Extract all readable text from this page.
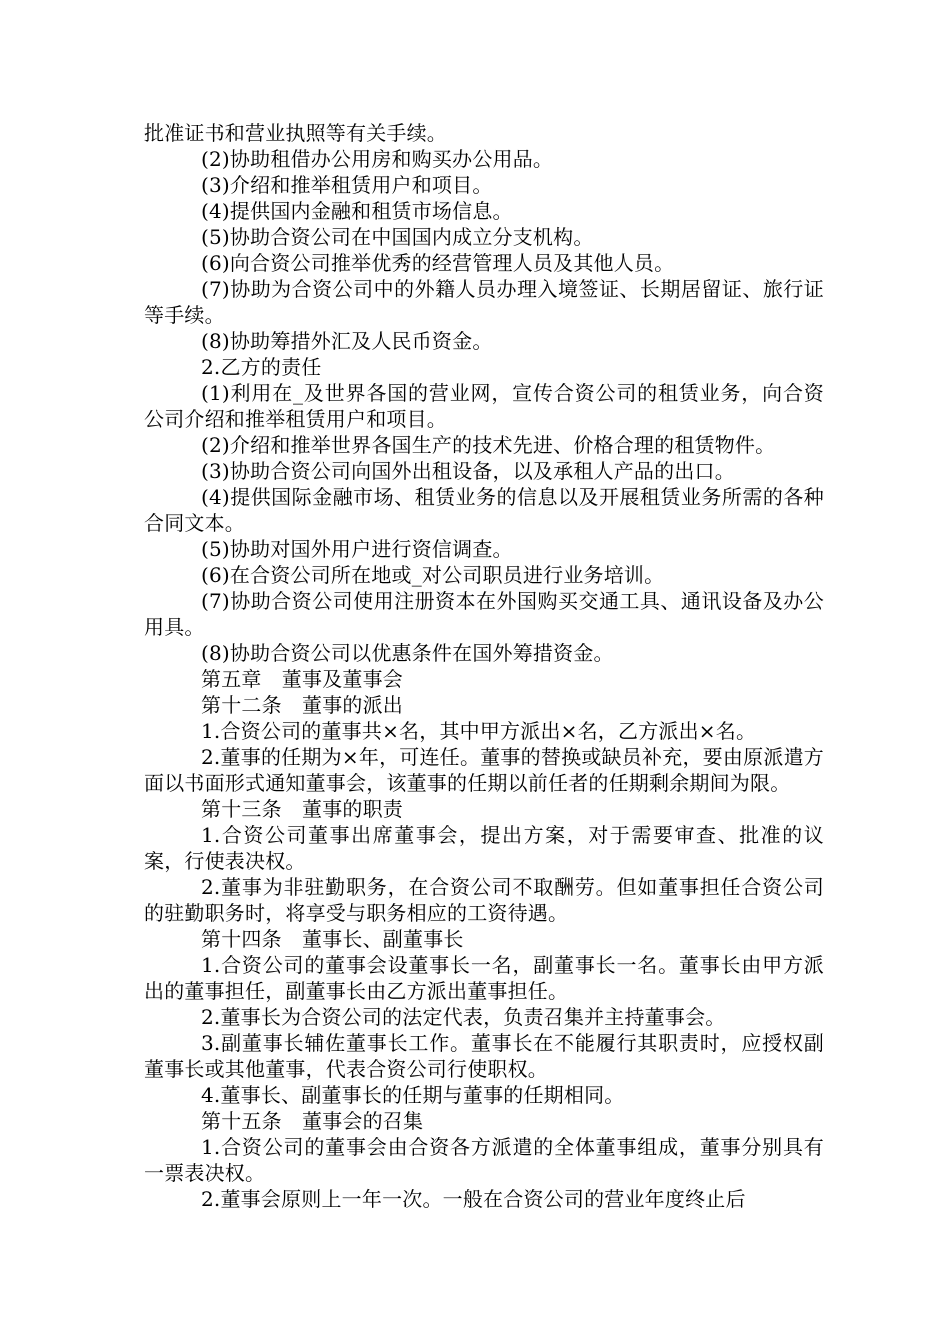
批准证书和营业执照等有关手续。

(2)协助租借办公用房和购买办公用品。

(3)介绍和推举租赁用户和项目。

(4)提供国内金融和租赁市场信息。

(5)协助合资公司在中国国内成立分支机构。

(6)向合资公司推举优秀的经营管理人员及其他人员。

(7)协助为合资公司中的外籍人员办理入境签证、长期居留证、旅行证等手续。

(8)协助筹措外汇及人民币资金。

2.乙方的责任

(1)利用在_及世界各国的营业网，宣传合资公司的租赁业务，向合资公司介绍和推举租赁用户和项目。

(2)介绍和推举世界各国生产的技术先进、价格合理的租赁物件。

(3)协助合资公司向国外出租设备，以及承租人产品的出口。

(4)提供国际金融市场、租赁业务的信息以及开展租赁业务所需的各种合同文本。

(5)协助对国外用户进行资信调查。

(6)在合资公司所在地或_对公司职员进行业务培训。

(7)协助合资公司使用注册资本在外国购买交通工具、通讯设备及办公用具。

(8)协助合资公司以优惠条件在国外筹措资金。

第五章　董事及董事会

第十二条　董事的派出

1.合资公司的董事共×名，其中甲方派出×名，乙方派出×名。

2.董事的任期为×年，可连任。董事的替换或缺员补充，要由原派遣方面以书面形式通知董事会，该董事的任期以前任者的任期剩余期间为限。

第十三条　董事的职责

1.合资公司董事出席董事会，提出方案，对于需要审查、批准的议案，行使表决权。

2.董事为非驻勤职务，在合资公司不取酬劳。但如董事担任合资公司的驻勤职务时，将享受与职务相应的工资待遇。

第十四条　董事长、副董事长

1.合资公司的董事会设董事长一名，副董事长一名。董事长由甲方派出的董事担任，副董事长由乙方派出董事担任。

2.董事长为合资公司的法定代表，负责召集并主持董事会。

3.副董事长辅佐董事长工作。董事长在不能履行其职责时，应授权副董事长或其他董事，代表合资公司行使职权。

4.董事长、副董事长的任期与董事的任期相同。

第十五条　董事会的召集

1.合资公司的董事会由合资各方派遣的全体董事组成，董事分别具有一票表决权。

2.董事会原则上一年一次。一般在合资公司的营业年度终止后
